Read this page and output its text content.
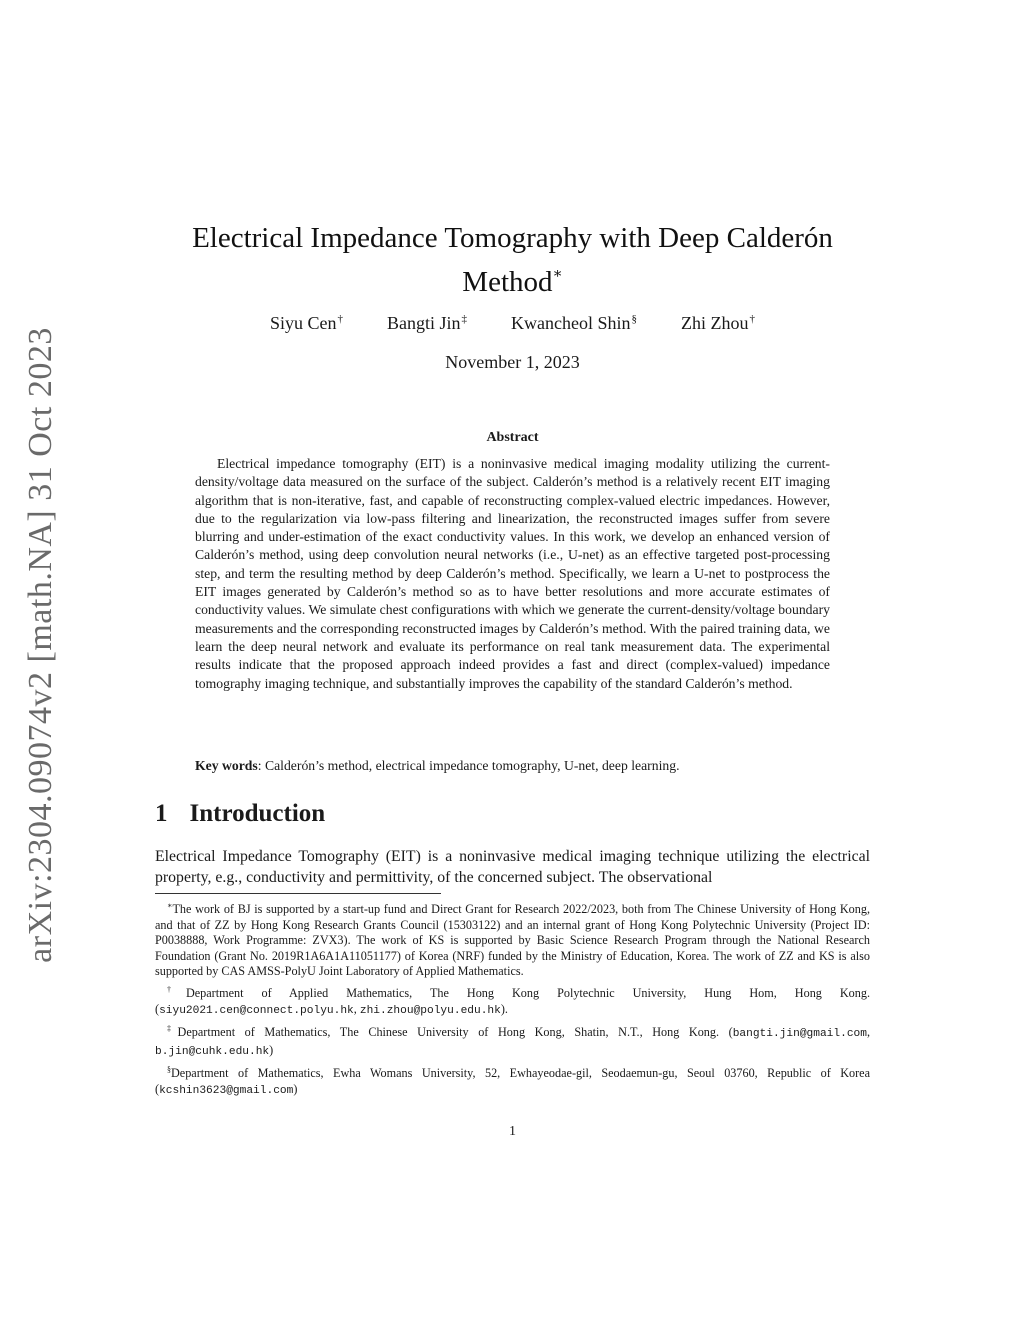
arXiv:2304.09074v2 [math.NA] 31 Oct 2023
Electrical Impedance Tomography with Deep Calderón
Method∗
Siyu Cen† Bangti Jin‡ Kwancheol Shin§ Zhi Zhou†
November 1, 2023
Abstract

Electrical impedance tomography (EIT) is a noninvasive medical imaging modality utilizing the current-density/voltage data measured on the surface of the subject. Calderón’s method is a relatively recent EIT imaging algorithm that is non-iterative, fast, and capable of reconstructing complex-valued electric impedances. However, due to the regularization via low-pass filtering and linearization, the reconstructed images suffer from severe blurring and under-estimation of the exact conductivity values. In this work, we develop an enhanced version of Calderón’s method, using deep convolution neural networks (i.e., U-net) as an effective targeted post-processing step, and term the resulting method by deep Calderón’s method. Specifically, we learn a U-net to postprocess the EIT images generated by Calderón’s method so as to have better resolutions and more accurate estimates of conductivity values. We simulate chest configurations with which we generate the current-density/voltage boundary measurements and the corresponding reconstructed images by Calderón’s method. With the paired training data, we learn the deep neural network and evaluate its performance on real tank measurement data. The experimental results indicate that the proposed approach indeed provides a fast and direct (complex-valued) impedance tomography imaging technique, and substantially improves the capability of the standard Calderón’s method.

Key words: Calderón’s method, electrical impedance tomography, U-net, deep learning.
1 Introduction

Electrical Impedance Tomography (EIT) is a noninvasive medical imaging technique utilizing the electrical property, e.g., conductivity and permittivity, of the concerned subject. The observational

∗The work of BJ is supported by a start-up fund and Direct Grant for Research 2022/2023, both from The Chinese University of Hong Kong, and that of ZZ by Hong Kong Research Grants Council (15303122) and an internal grant of Hong Kong Polytechnic University (Project ID: P0038888, Work Programme: ZVX3). The work of KS is supported by Basic Science Research Program through the National Research Foundation (Grant No. 2019R1A6A1A11051177) of Korea (NRF) funded by the Ministry of Education, Korea. The work of ZZ and KS is also supported by CAS AMSS-PolyU Joint Laboratory of Applied Mathematics.

†Department of Applied Mathematics, The Hong Kong Polytechnic University, Hung Hom, Hong Kong. (siyu2021.cen@connect.polyu.hk, zhi.zhou@polyu.edu.hk).

‡Department of Mathematics, The Chinese University of Hong Kong, Shatin, N.T., Hong Kong. (bangti.jin@gmail.com, b.jin@cuhk.edu.hk)

§Department of Mathematics, Ewha Womans University, 52, Ewhayeodae-gil, Seodaemun-gu, Seoul 03760, Republic of Korea (kcshin3623@gmail.com)

1
